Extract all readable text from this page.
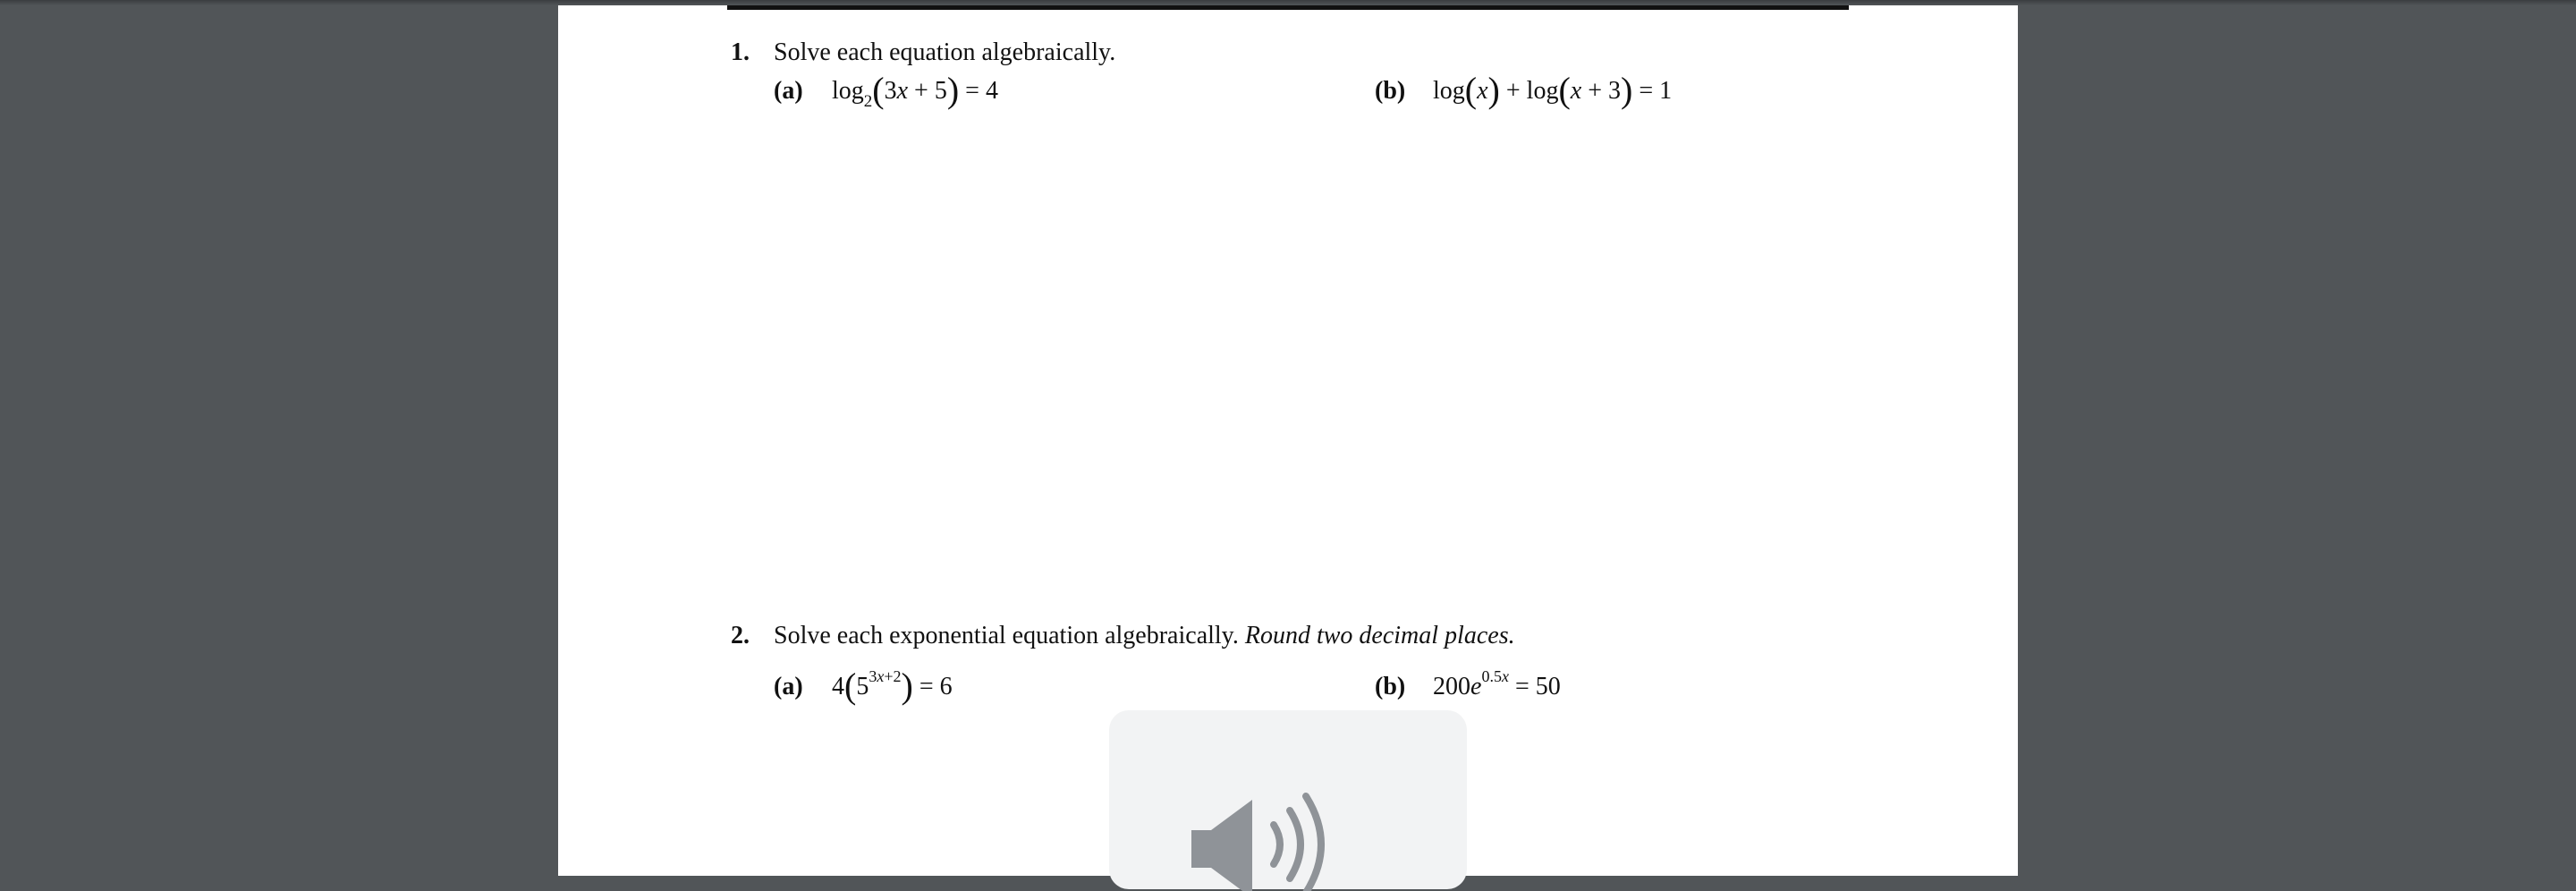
1. Solve each equation algebraically.
(a) $\log_2(3x + 5) = 4$	(b) log(x) + log(x + 3) = 1
2. Solve each exponential equation algebraically. Round two decimal places.
(a) $4(5^{3x+2}) = 6$	(b) $200e^{0.5x} = 50$
